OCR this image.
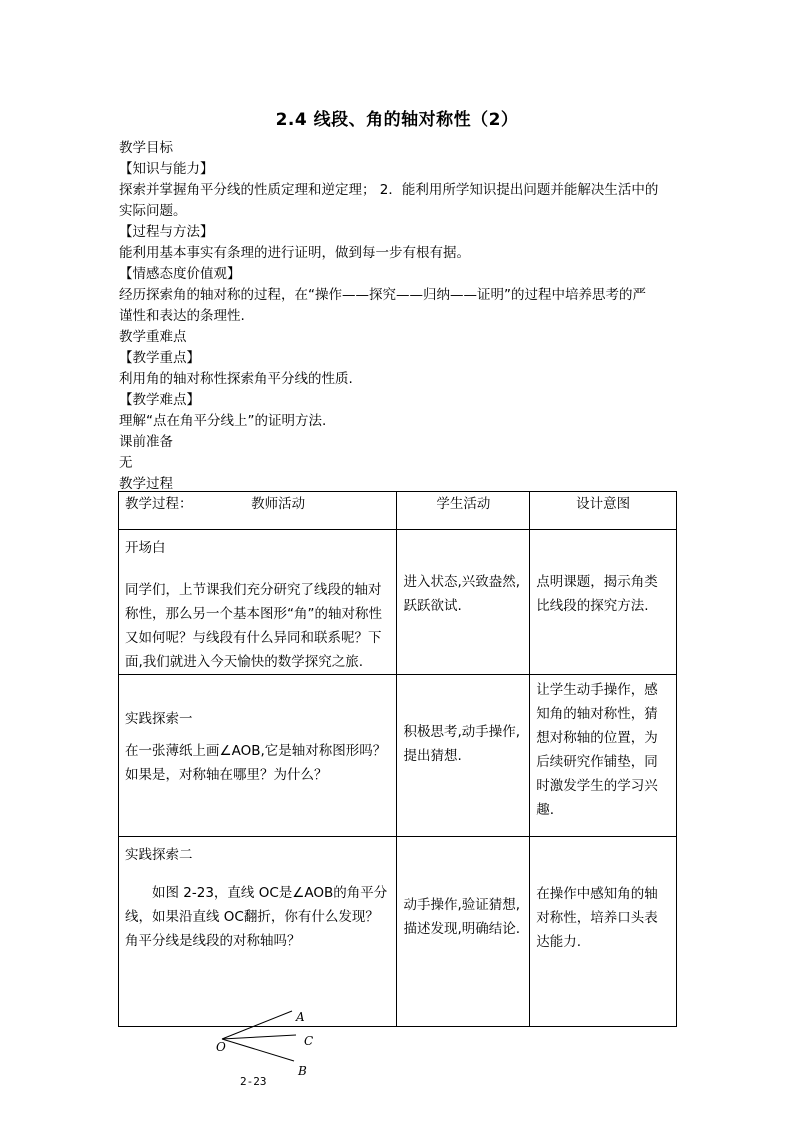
2.4 线段、角的轴对称性（2）
教学目标
【知识与能力】
探索并掌握角平分线的性质定理和逆定理； 2．能利用所学知识提出问题并能解决生活中的
实际问题。
【过程与方法】
能利用基本事实有条理的进行证明，做到每一步有根有据。
【情感态度价值观】
经历探索角的轴对称的过程，在“操作——探究——归纳——证明”的过程中培养思考的严
谨性和表达的条理性.
教学重难点
【教学重点】
利用角的轴对称性探索角平分线的性质.
【教学难点】
理解“点在角平分线上”的证明方法.
课前准备
无
教学过程
教学过程： 教师活动	学生活动	设计意图

开场白

同学们，上节课我们充分研究了线段的轴对称性，那么另一个基本图形“角”的轴对称性又如何呢？与线段有什么异同和联系呢？下面,我们就进入今天愉快的数学探究之旅.	进入状态,兴致盎然,跃跃欲试.	点明课题，揭示角类比线段的探究方法.

实践探索一

在一张薄纸上画∠AOB,它是轴对称图形吗？如果是，对称轴在哪里？为什么？	积极思考,动手操作,提出猜想.	让学生动手操作，感知角的轴对称性，猜想对称轴的位置，为后续研究作铺垫，同时激发学生的学习兴趣.

实践探索二

如图 2-23，直线 OC是∠AOB的角平分线，如果沿直线 OC翻折，你有什么发现？角平分线是线段的对称轴吗？	动手操作,验证猜想,描述发现,明确结论.	在操作中感知角的轴对称性，培养口头表达能力.

A
C
B
O
2-23
